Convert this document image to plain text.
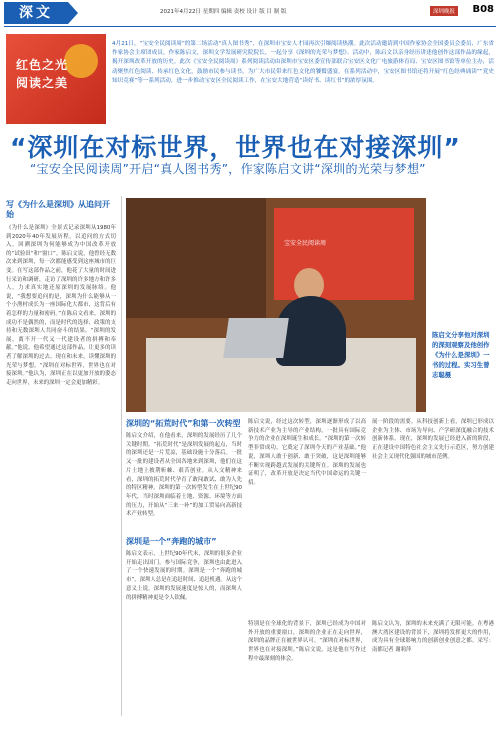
深文	2021年4月22日 星期四 编辑 责校 设计 版 目 制 版	深圳晚报	B08
红色之光
阅读之美
4月21日，“宝安全民阅读周”的第二场活动“真人图书秀”，在深圳市宝安人才园再次引爆阅读热潮。此次活动邀请到中国作家协会全国委员会委员、广东省作家协会主席团成员，作家陈启文，深圳文学发展研究院院长，一起分享《深圳的光荣与梦想》。活动中，陈启文以亲身经历讲述他创作这部作品的缘起，揭开深圳改革开放的历史。此次《宝安全民阅读周》系列阅读活动由深圳市宝安区委宣传部联合宝安区文化广电旅游体育局、宝安区图书馆等单位主办，活动聚焦红色阅读、传承红色文化，鼓励市民参与读书，为广大市民带来红色文化的饕餮盛宴。在系列活动中，宝安区图书馆还将开展“红色经典诵读”“党史知识竞赛”等一系列活动，进一步推动宝安区全民阅读工作，在宝安大地营造“读好书、读红书”的浓厚氛围。
“深圳在对标世界，世界也在对接深圳”
“宝安全民阅读周”开启“真人图书秀”，作家陈启文讲“深圳的光荣与梦想”
写《为什么是深圳》从追问开始
《为什么是深圳》全景式记录深圳从1980年到2020年40年发展历程，以追问的方式切入，回溯深圳为何能够成为中国改革开放的“试验田”和“窗口”。陈启文说，他曾经无数次来到深圳，每一次都能感受到这座城市的巨变。在写这部作品之前，他花了大量的时间进行采访和调研，走访了深圳的许多地方和许多人，力求真实地还原深圳的发展脉络。他说，“我想要追问的是，深圳为什么能够从一个小渔村成长为一座国际化大都市，这背后有着怎样的力量和密码。”在陈启文看来，深圳的成功不是偶然的，而是时代的选择、政策的支持和无数深圳人共同奋斗的结果。“深圳的发展，离不开一代又一代建设者的拼搏和奉献。”他说，他希望通过这部作品，让更多的读者了解深圳的过去、现在和未来，读懂深圳的光荣与梦想。“深圳在对标世界，世界也在对接深圳。”他认为，深圳正在以更加开放的姿态走向世界，未来的深圳一定会更加精彩。
宝安全民阅读周
陈启文分享他对深圳的深刻观察及他创作《为什么是深圳》一书的过程。实习生曾志聪摄
深圳的“拓荒时代”和第一次转型
陈启文介绍，在他看来，深圳的发展经历了几个关键时期。“拓荒时代”是深圳发展的起点，当时的深圳还是一片荒凉，基础设施十分落后。一批又一批的建设者从全国各地来到深圳，他们在这片土地上披荆斩棘、艰苦创业。从人文精神来看，深圳的拓荒时代孕育了敢闯敢试、敢为人先的特区精神。深圳的第一次转型发生在上世纪90年代，当时深圳面临着土地、资源、环境等方面的压力，开始从“三来一补”的加工贸易向高新技术产业转型。
陈启文说，经过这次转型，深圳逐渐形成了以高新技术产业为主导的产业结构，一批具有国际竞争力的企业在深圳诞生和成长。“深圳的第一次转型非常成功，它奠定了深圳今天的产业基础。”他说，深圳人敢于创新、敢于突破，这是深圳能够不断实现跨越式发展的关键所在。深圳的发展也证明了，改革开放是决定当代中国命运的关键一招。
展一阶段的需要。从科技创新上看，深圳已形成以企业为主体、市场为导向、产学研深度融合的技术创新体系。现在，深圳的发展已经进入新的阶段，正在建设中国特色社会主义先行示范区，努力创建社会主义现代化强国的城市范例。
深圳是一个“奔跑的城市”
陈启文表示，上世纪90年代末，深圳的很多企业开始走出国门，参与国际竞争，深圳也由此进入了一个快速发展的时期。深圳是一个“奔跑的城市”，深圳人总是在追赶时间、追赶机遇。从这个意义上说，深圳的发展速度是惊人的，而深圳人的拼搏精神更是令人钦佩。
特别是在全球化的背景下，深圳已经成为中国对外开放的重要窗口，深圳的企业正在走向世界，深圳的品牌正在被世界认可。“深圳在对标世界，世界也在对接深圳。”陈启文说，这是他在写作过程中最深刻的体会。
陈启文认为，深圳的未来充满了无限可能。在粤港澳大湾区建设的背景下，深圳将发挥更大的作用，成为具有全球影响力的创新创业创意之都。采写：南都记者 谢莉萍
